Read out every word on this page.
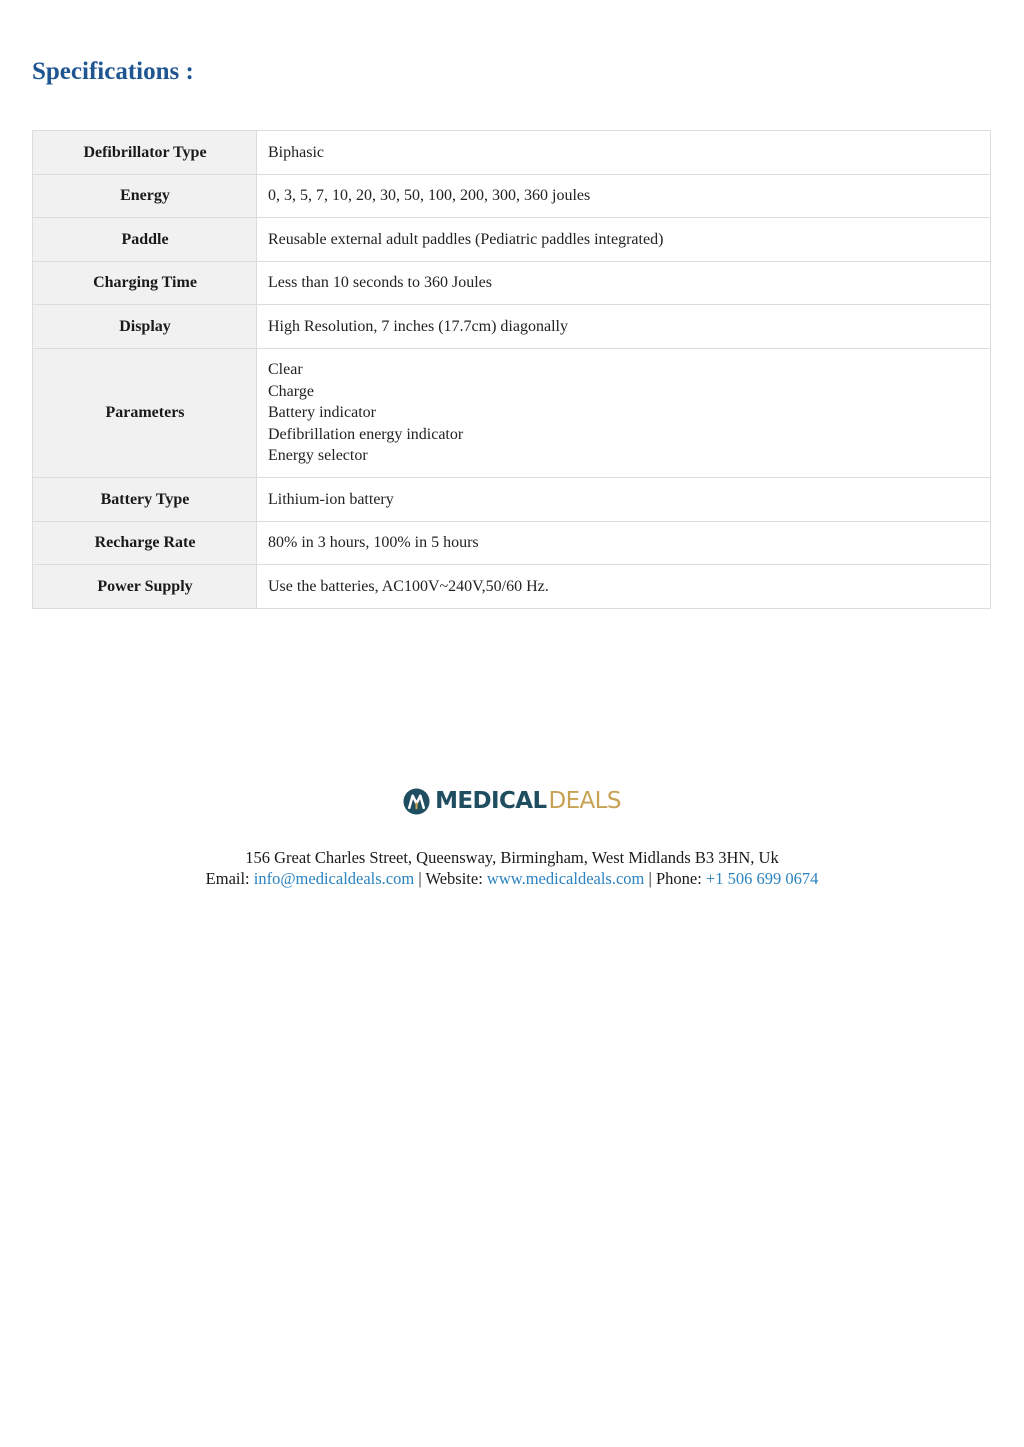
Specifications :
Defibrillator Type	Biphasic

Energy	0, 3, 5, 7, 10, 20, 30, 50, 100, 200, 300, 360 joules

Paddle	Reusable external adult paddles (Pediatric paddles integrated)

Charging Time	Less than 10 seconds to 360 Joules

Display	High Resolution, 7 inches (17.7cm) diagonally

Parameters	Clear
Charge
Battery indicator
Defibrillation energy indicator
Energy selector

Battery Type	Lithium-ion battery

Recharge Rate	80% in 3 hours, 100% in 5 hours

Power Supply	Use the batteries, AC100V~240V,50/60 Hz.
MEDICALDEALS
156 Great Charles Street, Queensway, Birmingham, West Midlands B3 3HN, Uk
Email: info@medicaldeals.com | Website: www.medicaldeals.com | Phone: +1 506 699 0674
